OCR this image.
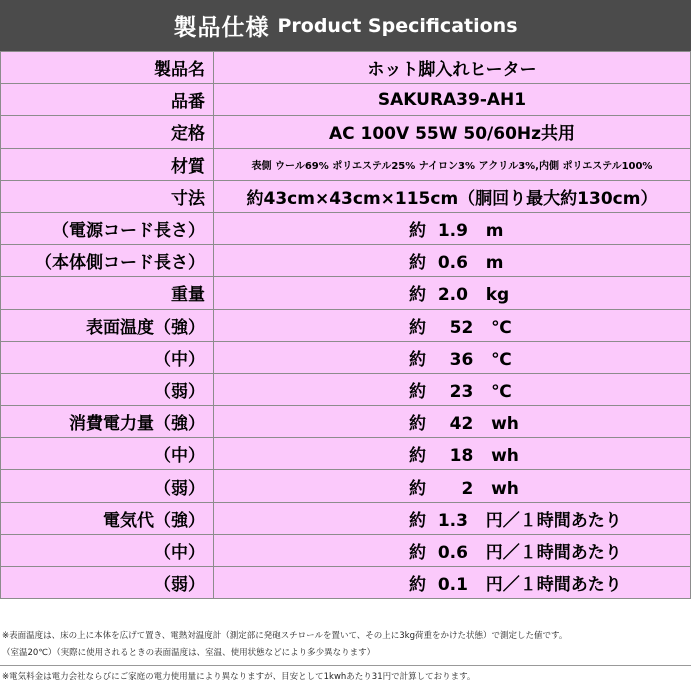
製品仕様 Product Specifications
製品名	ホット脚入れヒーター
品番	SAKURA39-AH1
定格	AC 100V 55W 50/60Hz共用
材質	表側 ウール69% ポリエステル25% ナイロン3% アクリル3%,内側 ポリエステル100%
寸法	約43cm×43cm×115cm（胴回り最大約130cm）
（電源コード長さ）	約  1.9   m
（本体側コード長さ）	約  0.6   m
重量	約  2.0   kg
表面温度（強）	約    52   ℃
（中）	約    36   ℃
（弱）	約    23   ℃
消費電力量（強）	約    42   wh
（中）	約    18   wh
（弱）	約      2   wh
電気代（強）	約  1.3   円／１時間あたり
（中）	約  0.6   円／１時間あたり
（弱）	約  0.1   円／１時間あたり
※表面温度は、床の上に本体を広げて置き、電熱対温度計（測定部に発砲スチロールを置いて、その上に3kg荷重をかけた状態）で測定した値です。
（室温20℃）（実際に使用されるときの表面温度は、室温、使用状態などにより多少異なります）
※電気料金は電力会社ならびにご家庭の電力使用量により異なりますが、目安として1kwhあたり31円で計算しております。
